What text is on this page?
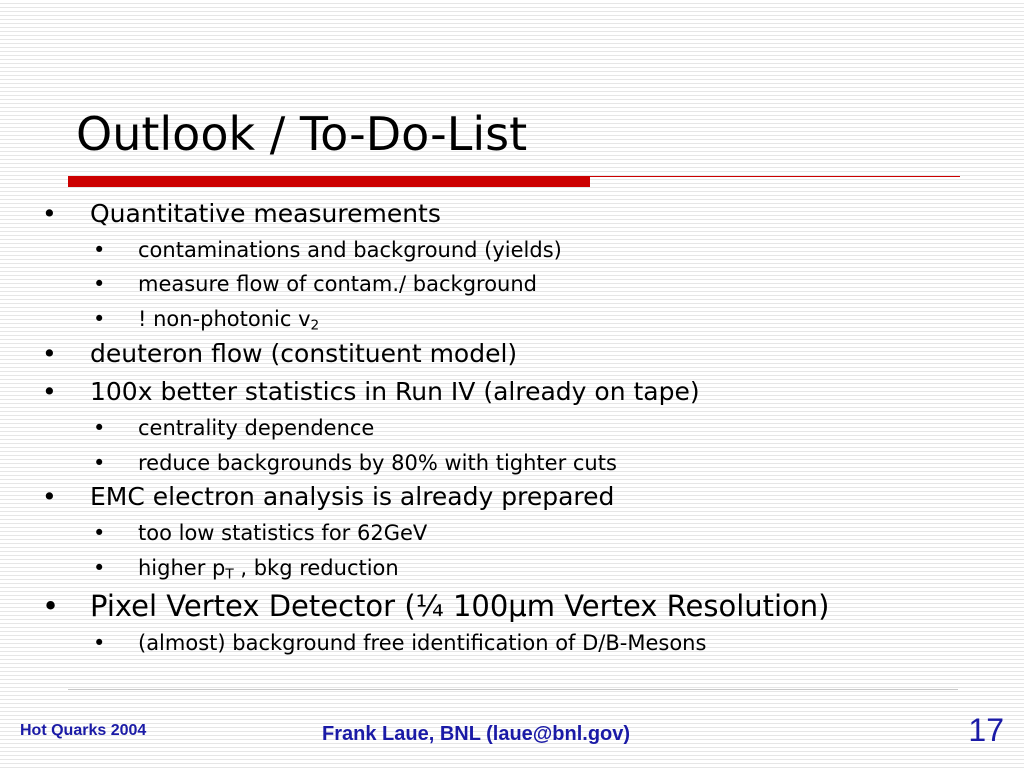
Outlook / To-Do-List
• Quantitative measurements
• contaminations and background (yields)
• measure flow of contam./ background
• ! non-photonic $v_2$
• deuteron flow (constituent model)
• 100x better statistics in Run IV (already on tape)
• centrality dependence
• reduce backgrounds by 80% with tighter cuts
• EMC electron analysis is already prepared
• too low statistics for 62GeV
• higher $p_T$ , bkg reduction
• Pixel Vertex Detector (¼ 100μm Vertex Resolution)
• (almost) background free identification of D/B-Mesons
Hot Quarks 2004	Frank Laue, BNL (laue@bnl.gov)	17
